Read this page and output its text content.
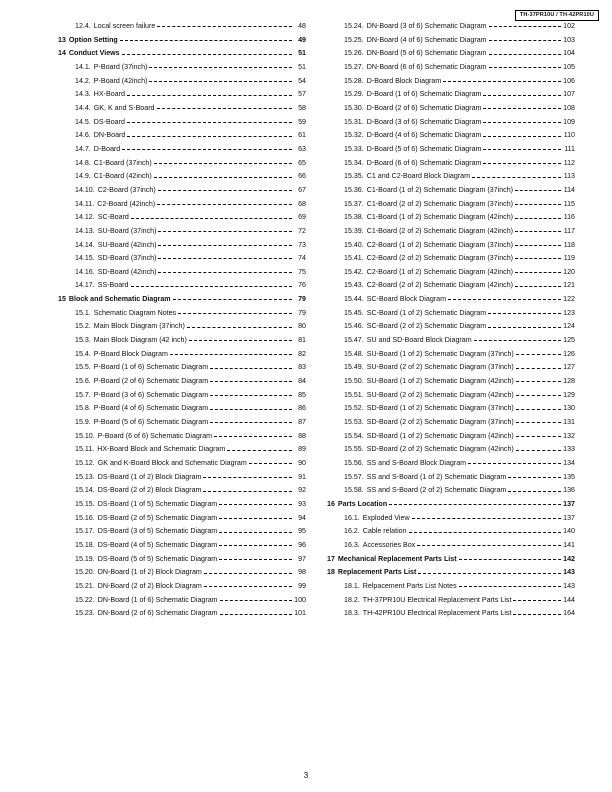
TH-37PR10U / TH-42PR10U
12.4. Local screen failure	48
13 Option Setting	49
14 Conduct Views	51
14.1. P-Board (37inch)	51
14.2. P-Board (42inch)	54
14.3. HX-Board	57
14.4. GK, K and S-Board	58
14.5. DS-Board	59
14.6. DN-Board	61
14.7. D-Board	63
14.8. C1-Board (37inch)	65
14.9. C1-Board (42inch)	66
14.10. C2-Board (37inch)	67
14.11. C2-Board (42inch)	68
14.12. SC-Board	69
14.13. SU-Board (37inch)	72
14.14. SU-Board (42inch)	73
14.15. SD-Board (37inch)	74
14.16. SD-Board (42inch)	75
14.17. SS-Board	76
15 Block and Schematic Diagram	79
15.1. Schematic Diagram Notes	79
15.2. Main Block Diagram (37inch)	80
15.3. Main Block Diagram (42 inch)	81
15.4. P-Board Block Diagram	82
15.5. P-Board (1 of 6) Schematic Diagram	83
15.6. P-Board (2 of 6) Schematic Diagram	84
15.7. P-Board (3 of 6) Schematic Diagram	85
15.8. P-Board (4 of 6) Schematic Diagram	86
15.9. P-Board (5 of 6) Schematic Diagram	87
15.10. P-Board (6 of 6) Schematic Diagram	88
15.11. HX-Board Block and Schematic Diagram	89
15.12. GK and K-Board Block and Schematic Diagram	90
15.13. DS-Board (1 of 2) Block Diagram	91
15.14. DS-Board (2 of 2) Block Diagram	92
15.15. DS-Board (1 of 5) Schematic Diagram	93
15.16. DS-Board (2 of 5) Schematic Diagram	94
15.17. DS-Board (3 of 5) Schematic Diagram	95
15.18. DS-Board (4 of 5) Schematic Diagram	96
15.19. DS-Board (5 of 5) Schematic Diagram	97
15.20. DN-Board (1 of 2) Block Diagram	98
15.21. DN-Board (2 of 2) Block Diagram	99
15.22. DN-Board (1 of 6) Schematic Diagram	100
15.23. DN-Board (2 of 6) Schematic Diagram	101
15.24. DN-Board (3 of 6) Schematic Diagram	102
15.25. DN-Board (4 of 6) Schematic Diagram	103
15.26. DN-Board (5 of 6) Schematic Diagram	104
15.27. DN-Board (6 of 6) Schematic Diagram	105
15.28. D-Board Block Diagram	106
15.29. D-Board (1 of 6) Schematic Diagram	107
15.30. D-Board (2 of 6) Schematic Diagram	108
15.31. D-Board (3 of 6) Schematic Diagram	109
15.32. D-Board (4 of 6) Schematic Diagram	110
15.33. D-Board (5 of 6) Schematic Diagram	111
15.34. D-Board (6 of 6) Schematic Diagram	112
15.35. C1 and C2-Board Block Diagram	113
15.36. C1-Board (1 of 2) Schematic Diagram (37inch)	114
15.37. C1-Board (2 of 2) Schematic Diagram (37inch)	115
15.38. C1-Board (1 of 2) Schematic Diagram (42inch)	116
15.39. C1-Board (2 of 2) Schematic Diagram (42inch)	117
15.40. C2-Board (1 of 2) Schematic Diagram (37inch)	118
15.41. C2-Board (2 of 2) Schematic Diagram (37inch)	119
15.42. C2-Board (1 of 2) Schematic Diagram (42inch)	120
15.43. C2-Board (2 of 2) Schematic Diagram (42inch)	121
15.44. SC-Board Block Diagram	122
15.45. SC-Board (1 of 2) Schematic Diagram	123
15.46. SC-Board (2 of 2) Schematic Diagram	124
15.47. SU and SD-Board Block Diagram	125
15.48. SU-Board (1 of 2) Schematic Diagram (37inch)	126
15.49. SU-Board (2 of 2) Schematic Diagram (37inch)	127
15.50. SU-Board (1 of 2) Schematic Diagram (42inch)	128
15.51. SU-Board (2 of 2) Schematic Diagram (42inch)	129
15.52. SD-Board (1 of 2) Schematic Diagram (37inch)	130
15.53. SD-Board (2 of 2) Schematic Diagram (37inch)	131
15.54. SD-Board (1 of 2) Schematic Diagram (42inch)	132
15.55. SD-Board (2 of 2) Schematic Diagram (42inch)	133
15.56. SS and S-Board Block Diagram	134
15.57. SS and S-Board (1 of 2) Schematic Diagram	135
15.58. SS and S-Board (2 of 2) Schematic Diagram	136
16 Parts Location	137
16.1. Exploded View	137
16.2. Cable relation	140
16.3. Accessories Box	141
17 Mechanical Replacement Parts List	142
18 Replacement Parts List	143
18.1. Relpacement Parts List Notes	143
18.2. TH-37PR10U Electrical Replacement Parts List	144
18.3. TH-42PR10U Electrical Replacement Parts List	164
3
